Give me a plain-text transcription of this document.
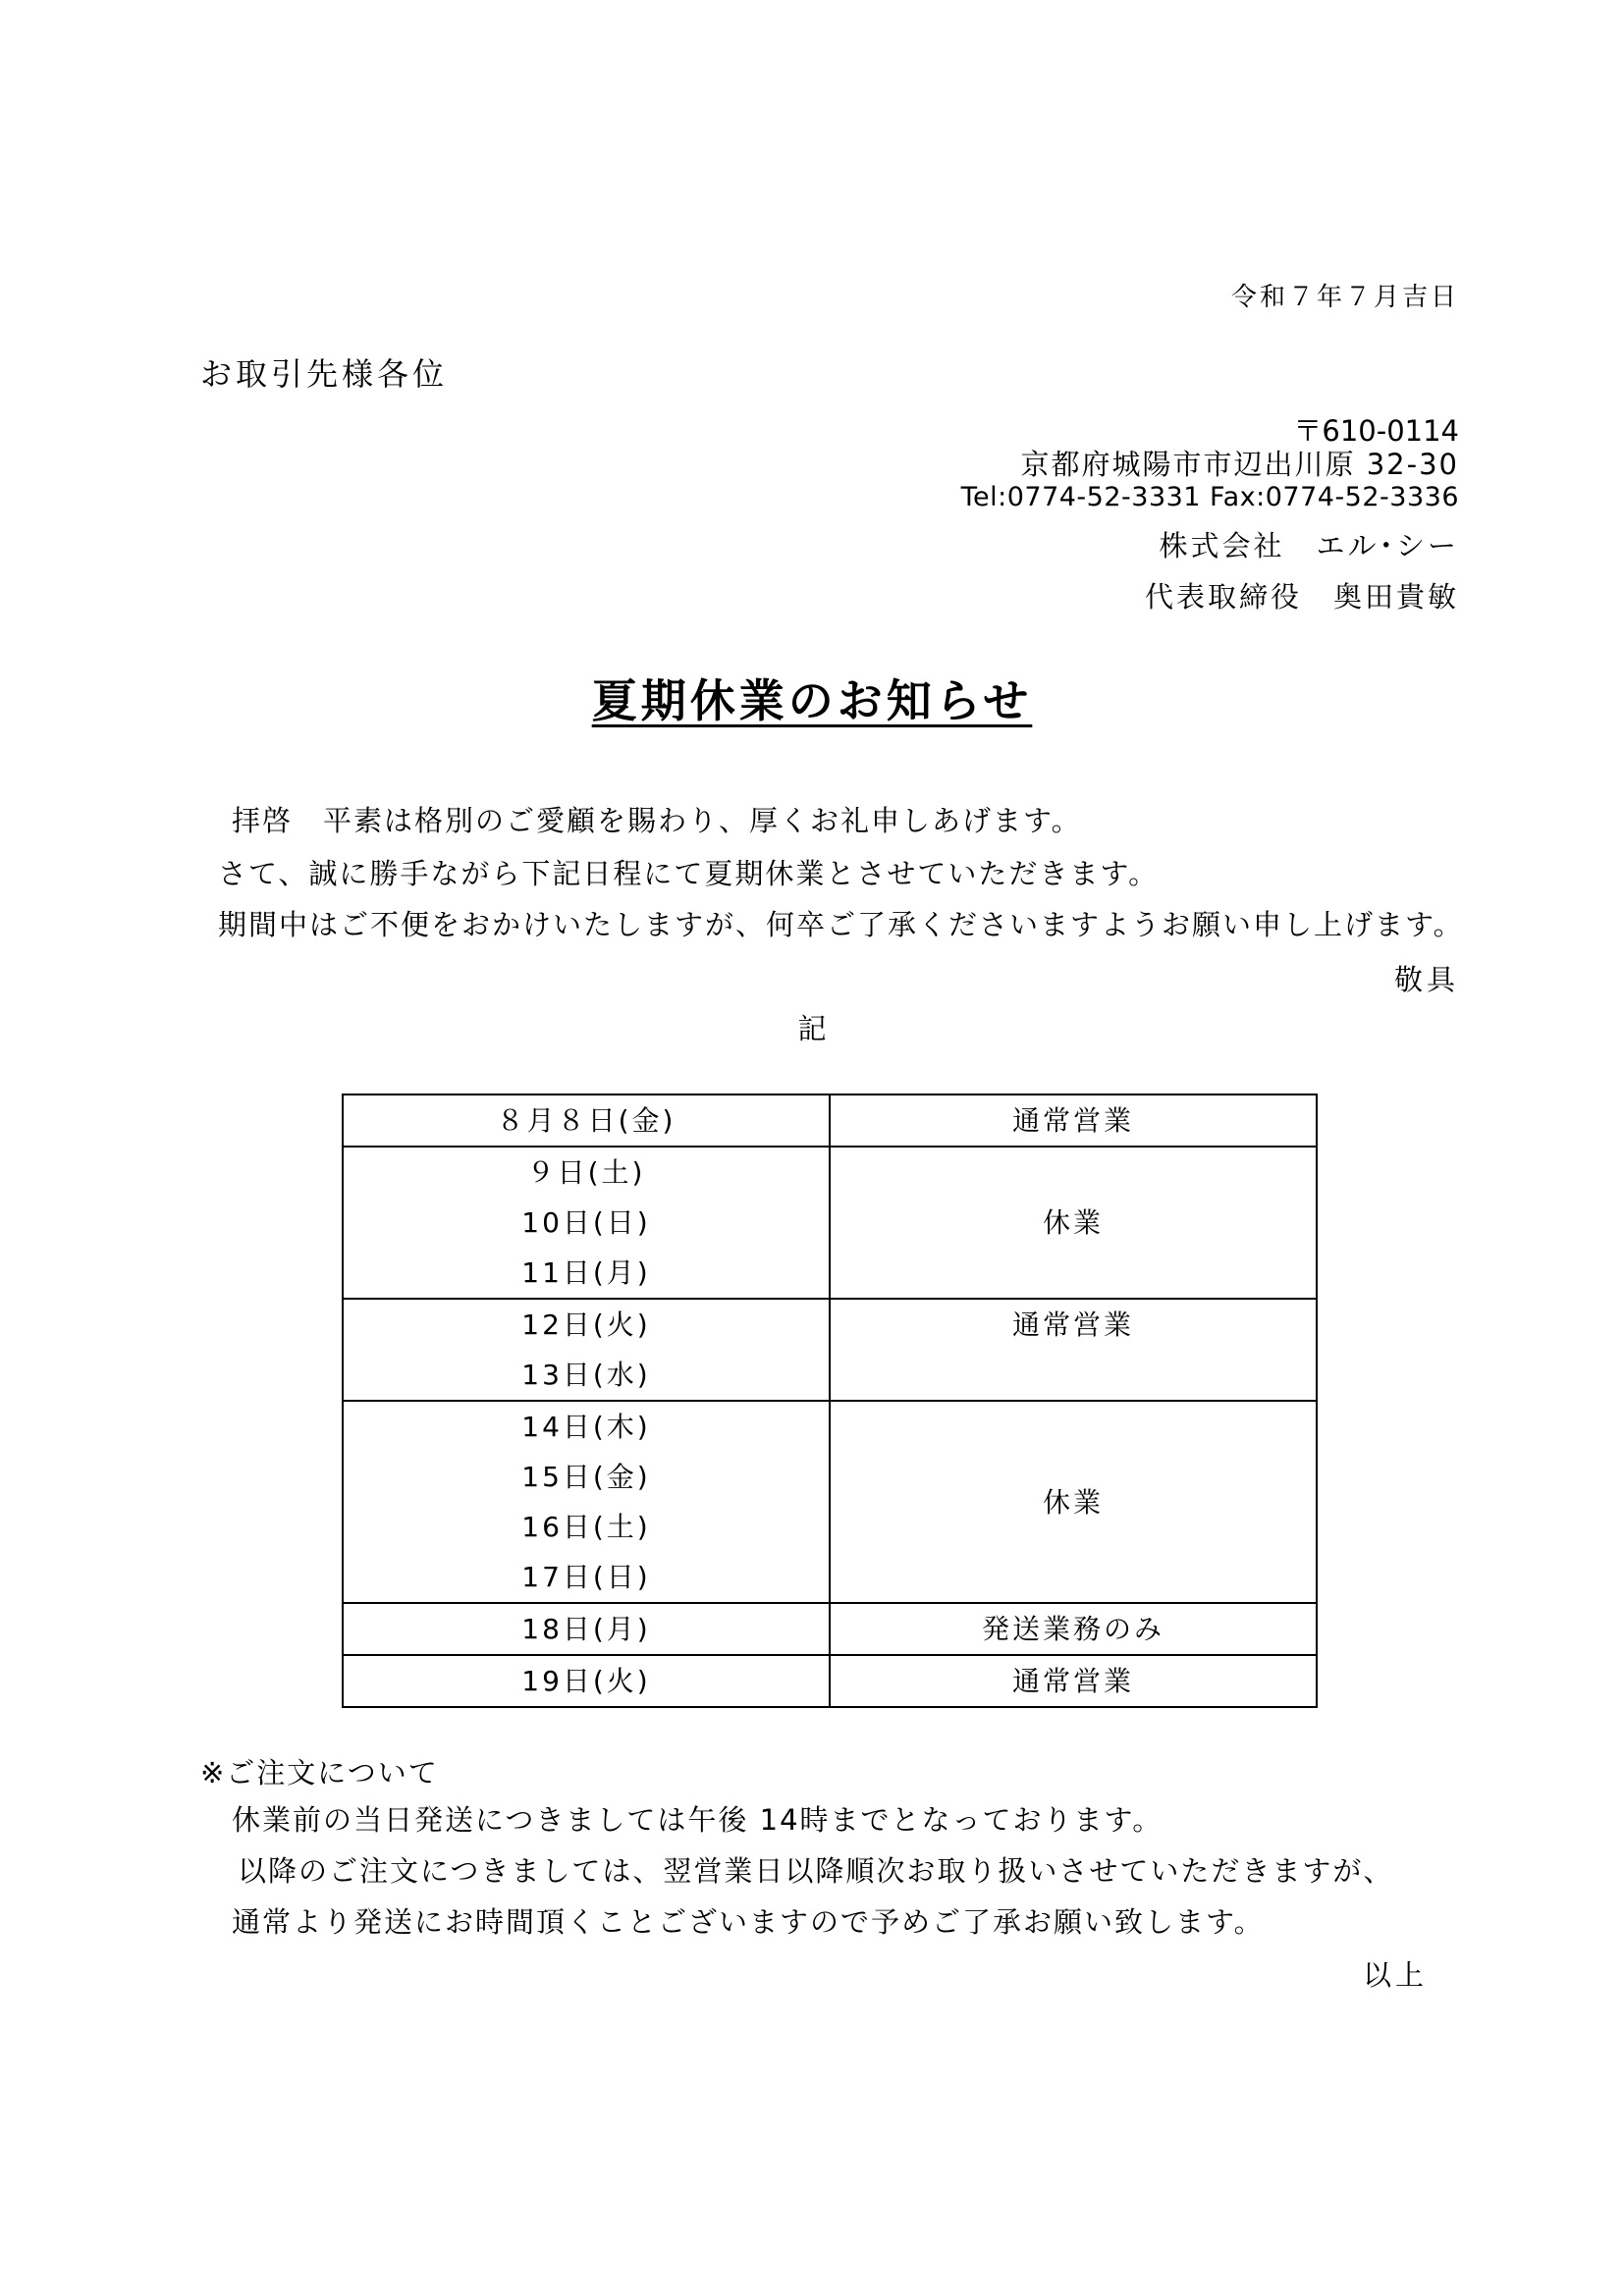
令和７年７月吉日
お取引先様各位
〒610-0114
京都府城陽市市辺出川原 32-30
Tel:0774-52-3331 Fax:0774-52-3336
株式会社　エル･シー
代表取締役　奥田貴敏
夏期休業のお知らせ
拝啓　平素は格別のご愛顧を賜わり、厚くお礼申しあげます。
さて、誠に勝手ながら下記日程にて夏期休業とさせていただきます。
期間中はご不便をおかけいたしますが、何卒ご了承くださいますようお願い申し上げます。
敬具
記
８月８日(金)	通常営業

９日(土)
10日(日)
11日(月)	休業

12日(火)
13日(水)	通常営業

14日(木)
15日(金)
16日(土)
17日(日)	休業

18日(月)	発送業務のみ

19日(火)	通常営業
※ご注文について
休業前の当日発送につきましては午後 14時までとなっております。
以降のご注文につきましては、翌営業日以降順次お取り扱いさせていただきますが、
通常より発送にお時間頂くことございますので予めご了承お願い致します。
以上
